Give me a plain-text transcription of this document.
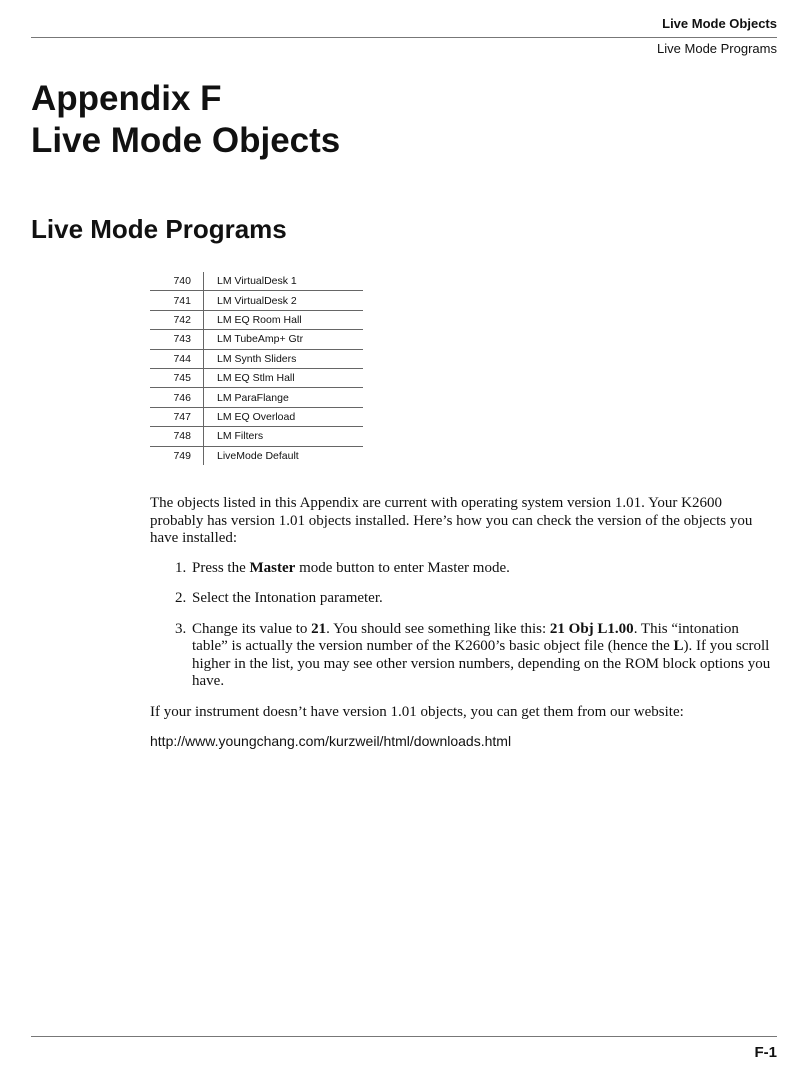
Live Mode Objects
Live Mode Programs
Appendix F
Live Mode Objects
Live Mode Programs
740	LM VirtualDesk 1
741	LM VirtualDesk 2
742	LM EQ Room Hall
743	LM TubeAmp+ Gtr
744	LM Synth Sliders
745	LM EQ Stlm Hall
746	LM ParaFlange
747	LM EQ Overload
748	LM Filters
749	LiveMode Default

The objects listed in this Appendix are current with operating system version 1.01. Your K2600 probably has version 1.01 objects installed. Here’s how you can check the version of the objects you have installed:

1. Press the Master mode button to enter Master mode.
2. Select the Intonation parameter.
3. Change its value to 21. You should see something like this: 21 Obj L1.00. This “intonation table” is actually the version number of the K2600’s basic object file (hence the L). If you scroll higher in the list, you may see other version numbers, depending on the ROM block options you have.

If your instrument doesn’t have version 1.01 objects, you can get them from our website:

http://www.youngchang.com/kurzweil/html/downloads.html

F-1
